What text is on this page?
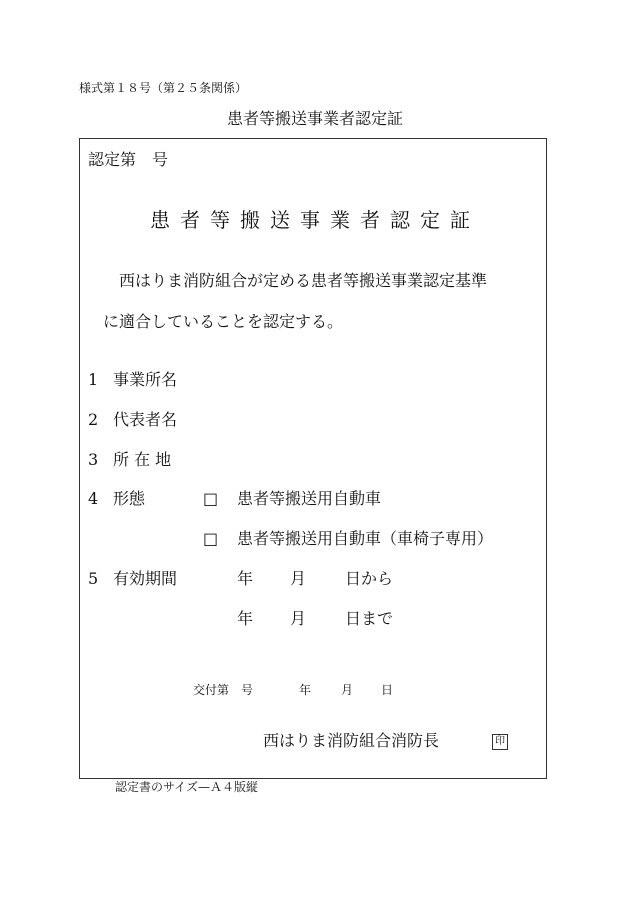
様式第１８号（第２５条関係）
患者等搬送事業者認定証
認定第　号
患者等搬送事業者認定証
西はりま消防組合が定める患者等搬送事業認定基準
に適合していることを認定する。
1 事業所名
2 代表者名
3 所 在 地
4 形態	□ 患者等搬送用自動車
□ 患者等搬送用自動車（車椅子専用）
5 有効期間	年 月 日から
年 月 日まで
交付第　号	年 月 日
西はりま消防組合消防長	印
認定書のサイズ—Ａ４版縦
